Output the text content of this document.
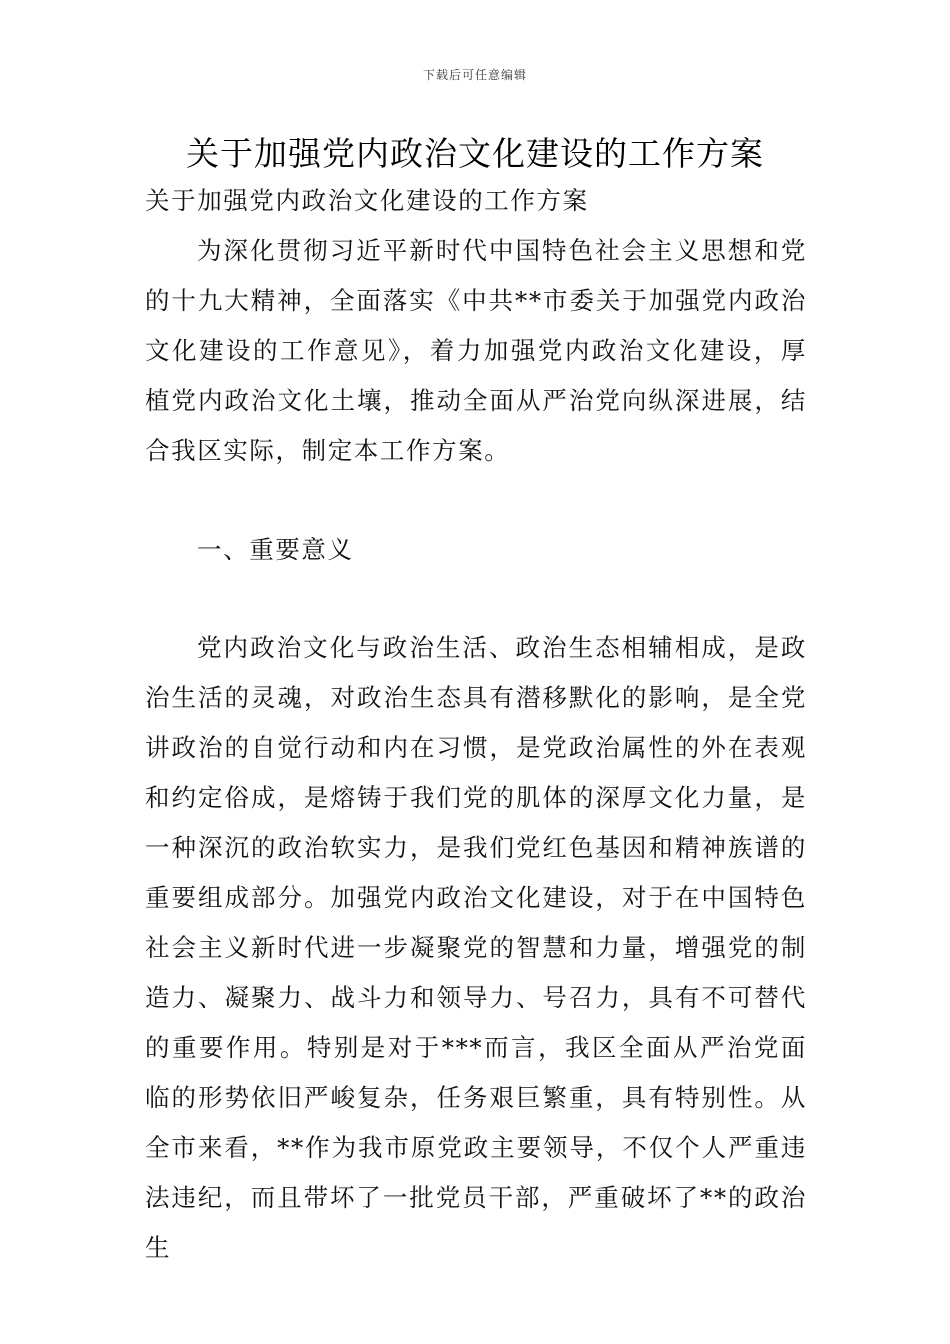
下载后可任意编辑
关于加强党内政治文化建设的工作方案

关于加强党内政治文化建设的工作方案

为深化贯彻习近平新时代中国特色社会主义思想和党的十九大精神，全面落实《中共**市委关于加强党内政治文化建设的工作意见》，着力加强党内政治文化建设，厚植党内政治文化土壤，推动全面从严治党向纵深进展，结合我区实际，制定本工作方案。

一、重要意义

党内政治文化与政治生活、政治生态相辅相成，是政治生活的灵魂，对政治生态具有潜移默化的影响，是全党讲政治的自觉行动和内在习惯，是党政治属性的外在表观和约定俗成，是熔铸于我们党的肌体的深厚文化力量，是一种深沉的政治软实力，是我们党红色基因和精神族谱的重要组成部分。加强党内政治文化建设，对于在中国特色社会主义新时代进一步凝聚党的智慧和力量，增强党的制造力、凝聚力、战斗力和领导力、号召力，具有不可替代的重要作用。特别是对于***而言，我区全面从严治党面临的形势依旧严峻复杂，任务艰巨繁重，具有特别性。从全市来看，**作为我市原党政主要领导，不仅个人严重违法违纪，而且带坏了一批党员干部，严重破坏了**的政治生
